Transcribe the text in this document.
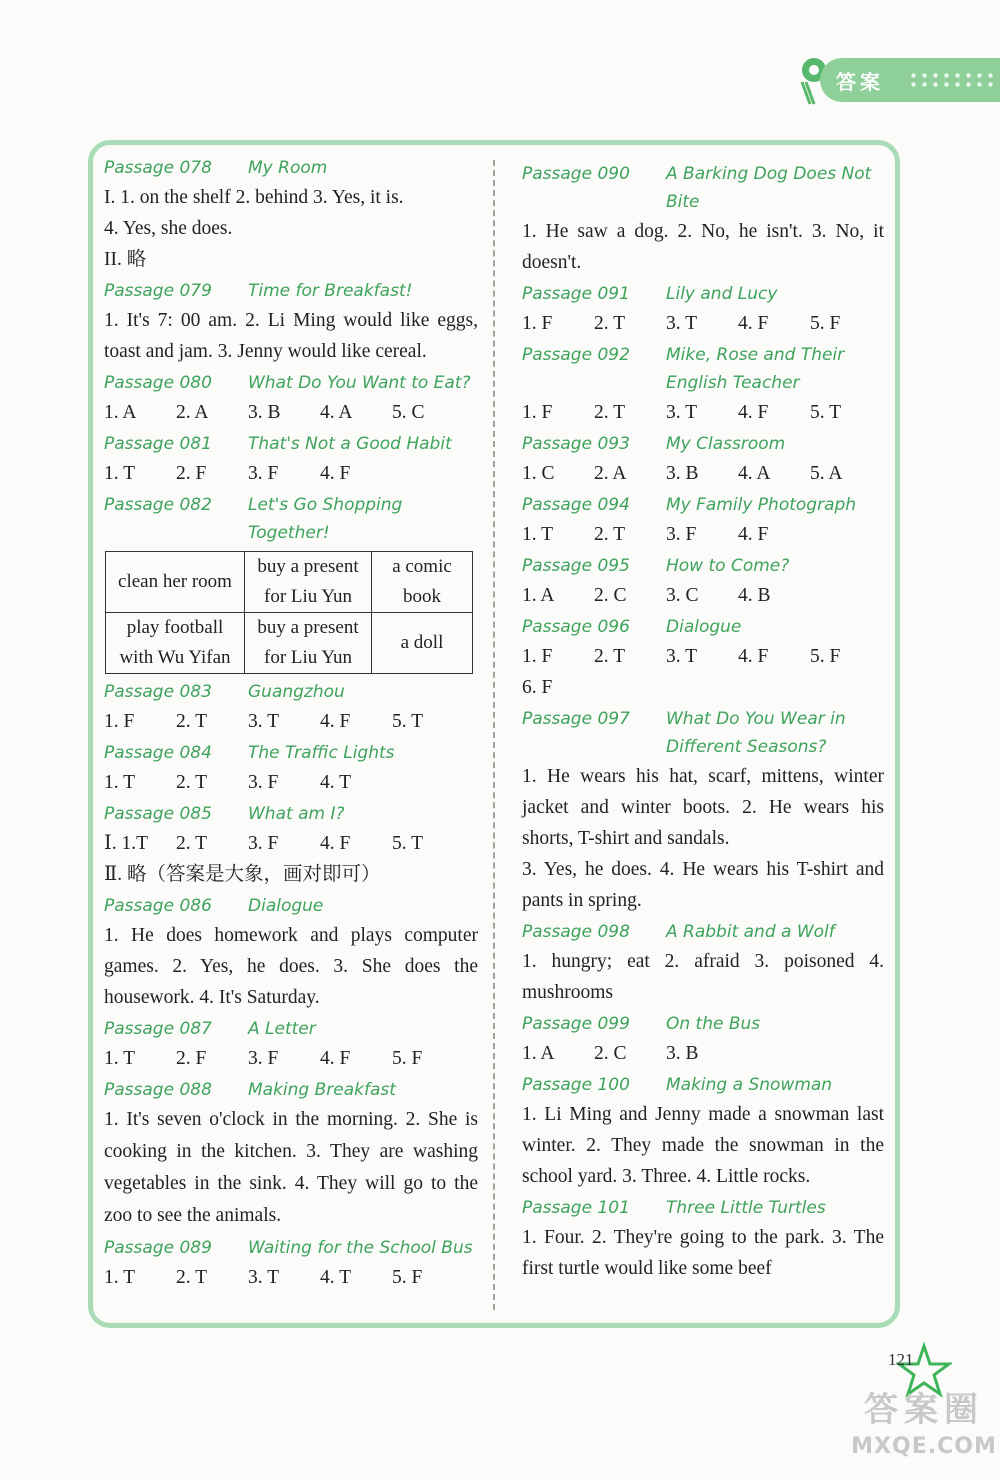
答案
Passage 078	My Room
I. 1. on the shelf 2. behind 3. Yes, it is.
4. Yes, she does.
II. 略
Passage 079	Time for Breakfast!
1. It's 7: 00 am. 2. Li Ming would like eggs, toast and jam. 3. Jenny would like cereal.
Passage 080	What Do You Want to Eat?
1. A	2. A	3. B	4. A	5. C
Passage 081	That's Not a Good Habit
1. T	2. F	3. F	4. F
Passage 082	Let's Go Shopping Together!
clean her room	buy a present for Liu Yun	a comic book
play football with Wu Yifan	buy a present for Liu Yun	a doll
Passage 083	Guangzhou
1. F	2. T	3. T	4. F	5. T
Passage 084	The Traffic Lights
1. T	2. T	3. F	4. T
Passage 085	What am I?
Ⅰ. 1.T	2. T	3. F	4. F	5. T
Ⅱ. 略（答案是大象，画对即可）
Passage 086	Dialogue
1. He does homework and plays computer games. 2. Yes, he does. 3. She does the housework. 4. It's Saturday.
Passage 087	A Letter
1. T	2. F	3. F	4. F	5. F
Passage 088	Making Breakfast
1. It's seven o'clock in the morning. 2. She is cooking in the kitchen. 3. They are washing vegetables in the sink. 4. They will go to the zoo to see the animals.
Passage 089	Waiting for the School Bus
1. T	2. T	3. T	4. T	5. F
Passage 090	A Barking Dog Does Not Bite
1. He saw a dog. 2. No, he isn't. 3. No, it doesn't.
Passage 091	Lily and Lucy
1. F	2. T	3. T	4. F	5. F
Passage 092	Mike, Rose and Their English Teacher
1. F	2. T	3. T	4. F	5. T
Passage 093	My Classroom
1. C	2. A	3. B	4. A	5. A
Passage 094	My Family Photograph
1. T	2. T	3. F	4. F
Passage 095	How to Come?
1. A	2. C	3. C	4. B
Passage 096	Dialogue
1. F	2. T	3. T	4. F	5. F
6. F
Passage 097	What Do You Wear in Different Seasons?
1. He wears his hat, scarf, mittens, winter jacket and winter boots. 2. He wears his shorts, T-shirt and sandals.
3. Yes, he does. 4. He wears his T-shirt and pants in spring.
Passage 098	A Rabbit and a Wolf
1. hungry; eat 2. afraid 3. poisoned 4. mushrooms
Passage 099	On the Bus
1. A	2. C	3. B
Passage 100	Making a Snowman
1. Li Ming and Jenny made a snowman last winter. 2. They made the snowman in the school yard. 3. Three. 4. Little rocks.
Passage 101	Three Little Turtles
1. Four. 2. They're going to the park. 3. The first turtle would like some beef
121
答案圈
MXQE.COM
